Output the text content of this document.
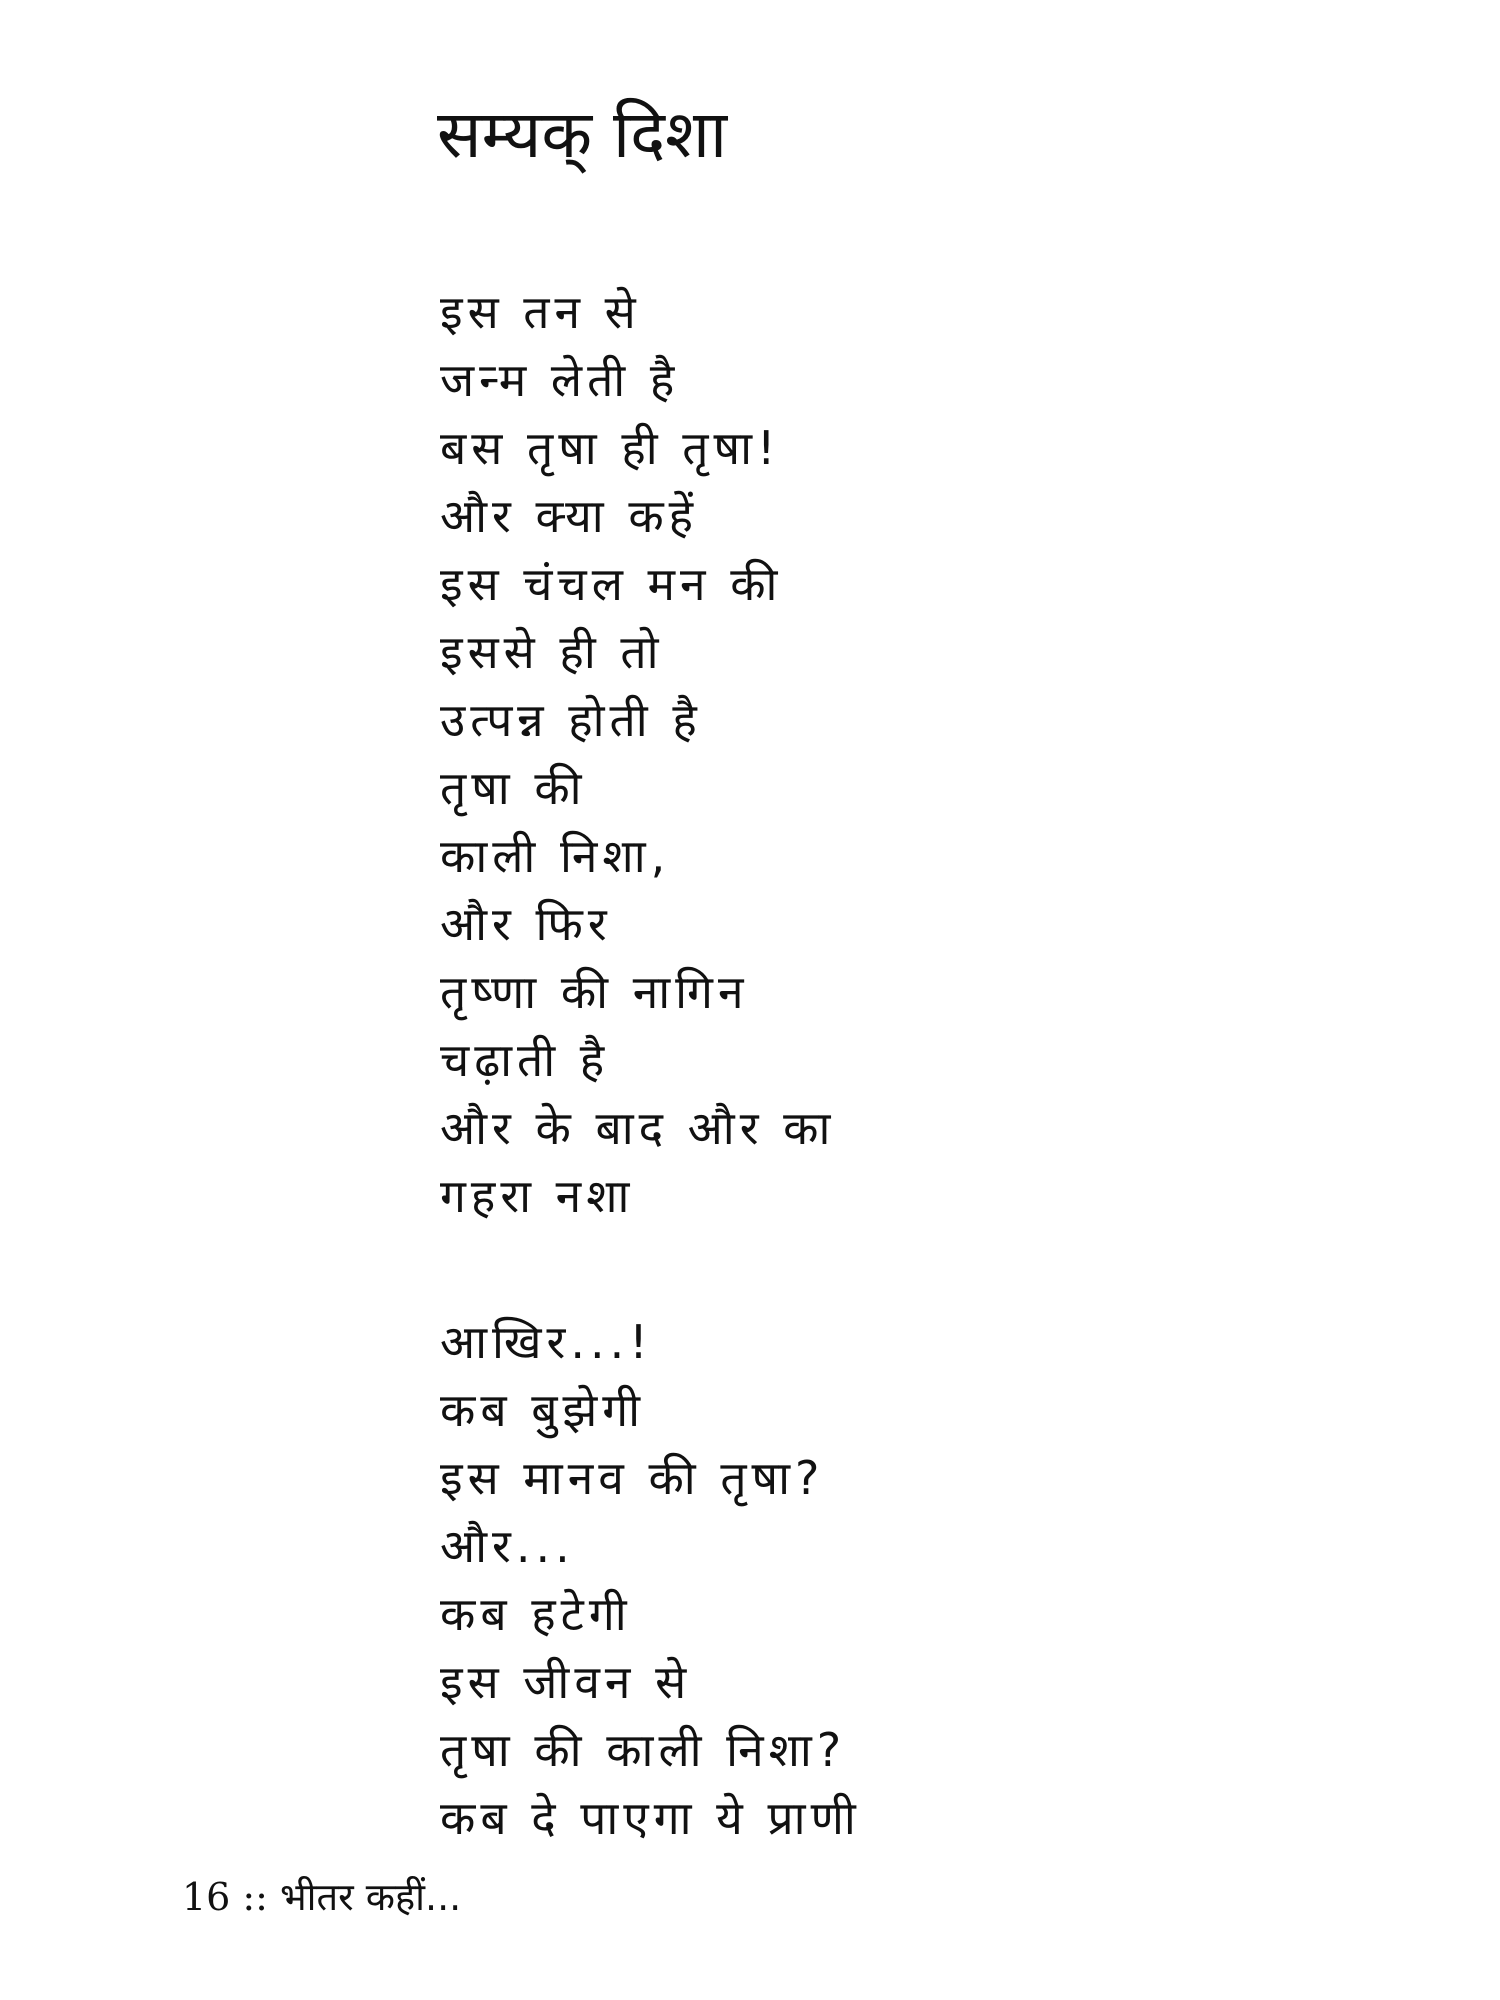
सम्यक् दिशा
इस तन से
जन्म लेती है
बस तृषा ही तृषा!
और क्या कहें
इस चंचल मन की
इससे ही तो
उत्पन्न होती है
तृषा की
काली निशा,
और फिर
तृष्णा की नागिन
चढ़ाती है
और के बाद और का
गहरा नशा
आखिर...!
कब बुझेगी
इस मानव की तृषा?
और...
कब हटेगी
इस जीवन से
तृषा की काली निशा?
कब दे पाएगा ये प्राणी
16 :: भीतर कहीं...
